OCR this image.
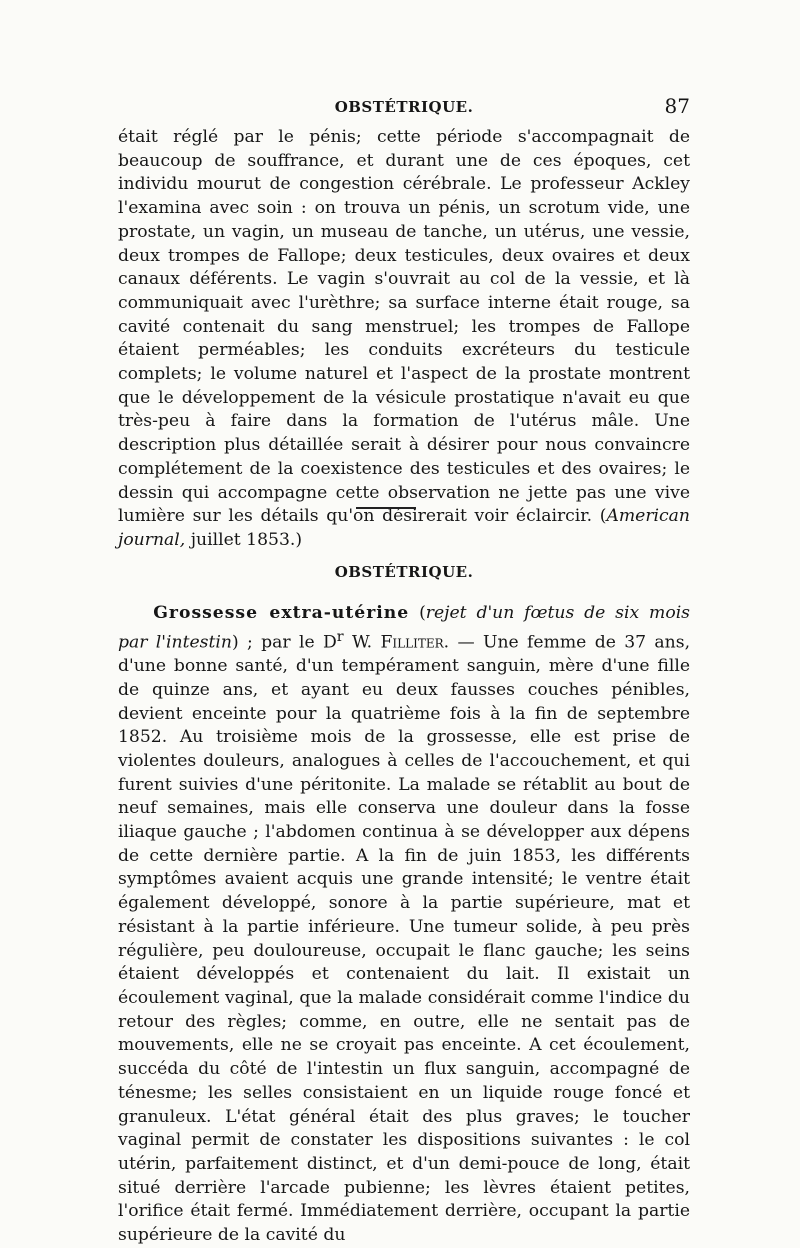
OBSTÉTRIQUE.	87

était réglé par le pénis; cette période s'accompagnait de beaucoup de souffrance, et durant une de ces époques, cet individu mourut de congestion cérébrale. Le professeur Ackley l'examina avec soin : on trouva un pénis, un scrotum vide, une prostate, un vagin, un museau de tanche, un utérus, une vessie, deux trompes de Fallope; deux testicules, deux ovaires et deux canaux déférents. Le vagin s'ouvrait au col de la vessie, et là communiquait avec l'urèthre; sa surface interne était rouge, sa cavité contenait du sang menstruel; les trompes de Fallope étaient perméables; les conduits excréteurs du testicule complets; le volume naturel et l'aspect de la prostate montrent que le développement de la vésicule prostatique n'avait eu que très-peu à faire dans la formation de l'utérus mâle. Une description plus détaillée serait à désirer pour nous convaincre complétement de la coexistence des testicules et des ovaires; le dessin qui accompagne cette observation ne jette pas une vive lumière sur les détails qu'on désirerait voir éclaircir. (American journal, juillet 1853.)

OBSTÉTRIQUE.

Grossesse extra-utérine (rejet d'un fœtus de six mois par l'intestin) ; par le $D^r$ W. Filliter. — Une femme de 37 ans, d'une bonne santé, d'un tempérament sanguin, mère d'une fille de quinze ans, et ayant eu deux fausses couches pénibles, devient enceinte pour la quatrième fois à la fin de septembre 1852. Au troisième mois de la grossesse, elle est prise de violentes douleurs, analogues à celles de l'accouchement, et qui furent suivies d'une péritonite. La malade se rétablit au bout de neuf semaines, mais elle conserva une douleur dans la fosse iliaque gauche ; l'abdomen continua à se développer aux dépens de cette dernière partie. A la fin de juin 1853, les différents symptômes avaient acquis une grande intensité; le ventre était également développé, sonore à la partie supérieure, mat et résistant à la partie inférieure. Une tumeur solide, à peu près régulière, peu douloureuse, occupait le flanc gauche; les seins étaient développés et contenaient du lait. Il existait un écoulement vaginal, que la malade considérait comme l'indice du retour des règles; comme, en outre, elle ne sentait pas de mouvements, elle ne se croyait pas enceinte. A cet écoulement, succéda du côté de l'intestin un flux sanguin, accompagné de ténesme; les selles consistaient en un liquide rouge foncé et granuleux. L'état général était des plus graves; le toucher vaginal permit de constater les dispositions suivantes : le col utérin, parfaitement distinct, et d'un demi-pouce de long, était situé derrière l'arcade pubienne; les lèvres étaient petites, l'orifice était fermé. Immédiatement derrière, occupant la partie supérieure de la cavité du
